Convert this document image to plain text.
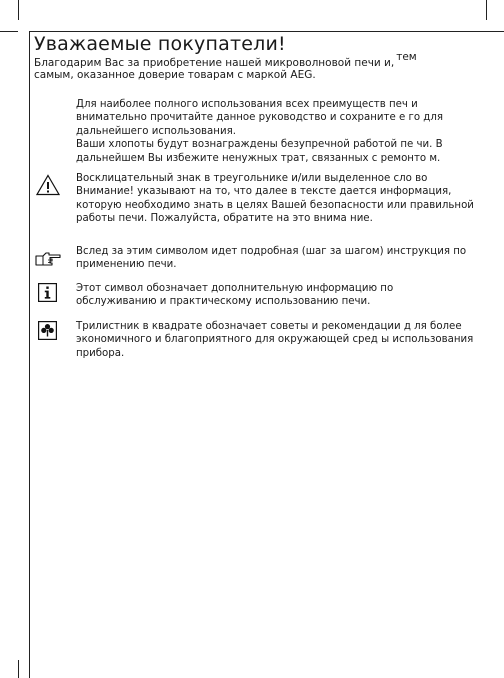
Уважаемые покупатели!
Благодарим Вас за приобретение нашей микроволновой печи и, тем
самым, оказанное доверие товарам с маркой AEG.

Для наиболее полного использования всех преимуществ печ и внимательно прочитайте данное руководство и сохраните е го для дальнейшего использования.

Ваши хлопоты будут вознаграждены безупречной работой пе чи. В дальнейшем Вы избежите ненужных трат, связанных с ремонто м.

Восклицательный знак в треугольнике и/или выделенное сло во Внимание! указывают на то, что далее в тексте дается информация, которую необходимо знать в целях Вашей безопасности или правильной работы печи. Пожалуйста, обратите на это внима ние.

Вслед за этим символом идет подробная (шаг за шагом) инструкция по применению печи.

Этот символ обозначает дополнительную информацию по обслуживанию и практическому использованию печи.

Трилистник в квадрате обозначает советы и рекомендации д ля более экономичного и благоприятного для окружающей сред ы использования прибора.
